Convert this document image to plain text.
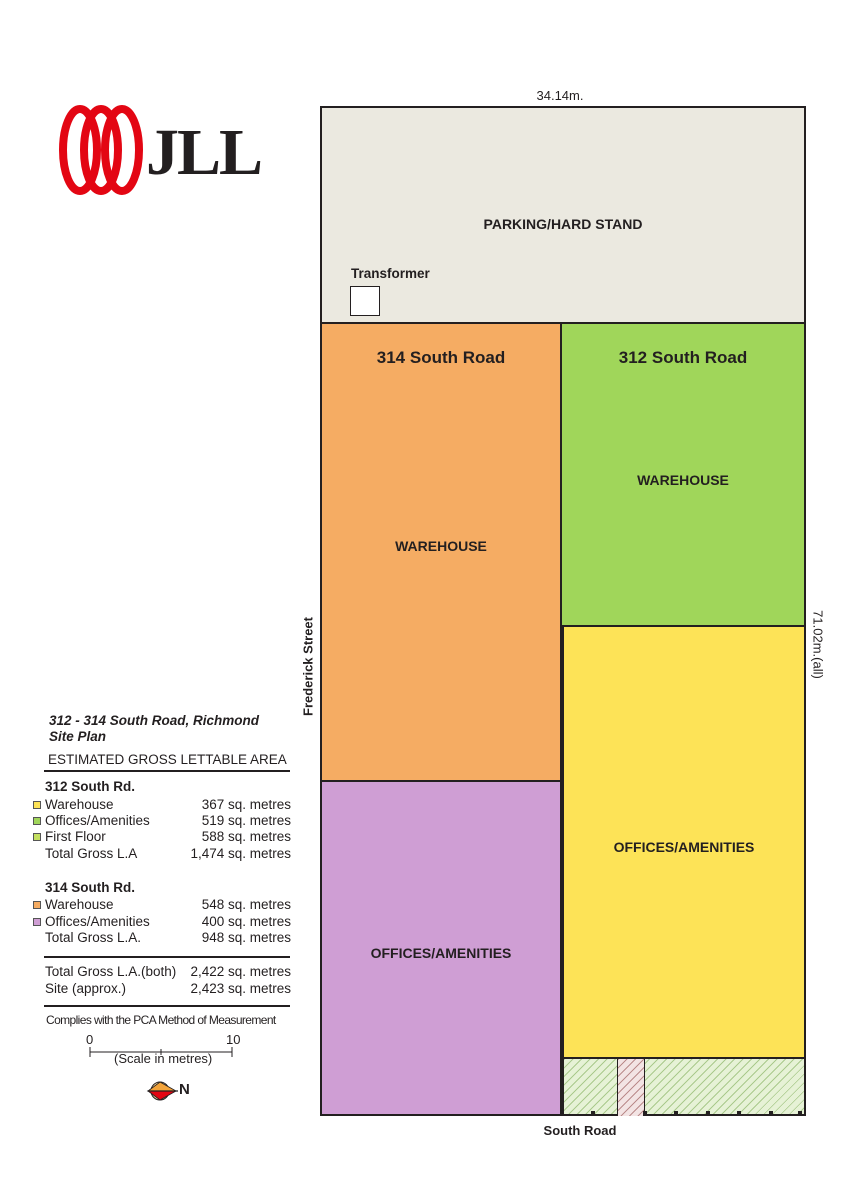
JLL
34.14m.
71.02m.(all)
Frederick Street
South Road
PARKING/HARD STAND
Transformer
314 South Road
WAREHOUSE
OFFICES/AMENITIES
312 South Road
WAREHOUSE
OFFICES/AMENITIES
312 - 314 South Road, Richmond
Site Plan
ESTIMATED GROSS LETTABLE AREA
312 South Rd.
Warehouse	367 sq. metres
Offices/Amenities	519 sq. metres
First Floor	588 sq. metres
Total Gross L.A	1,474 sq. metres
314 South Rd.
Warehouse	548 sq. metres
Offices/Amenities	400 sq. metres
Total Gross L.A.	948 sq. metres
Total Gross L.A.(both) 2,422 sq. metres
Site (approx.)	2,423 sq. metres
Complies with the PCA Method of Measurement
0	10
(Scale in metres)
N
